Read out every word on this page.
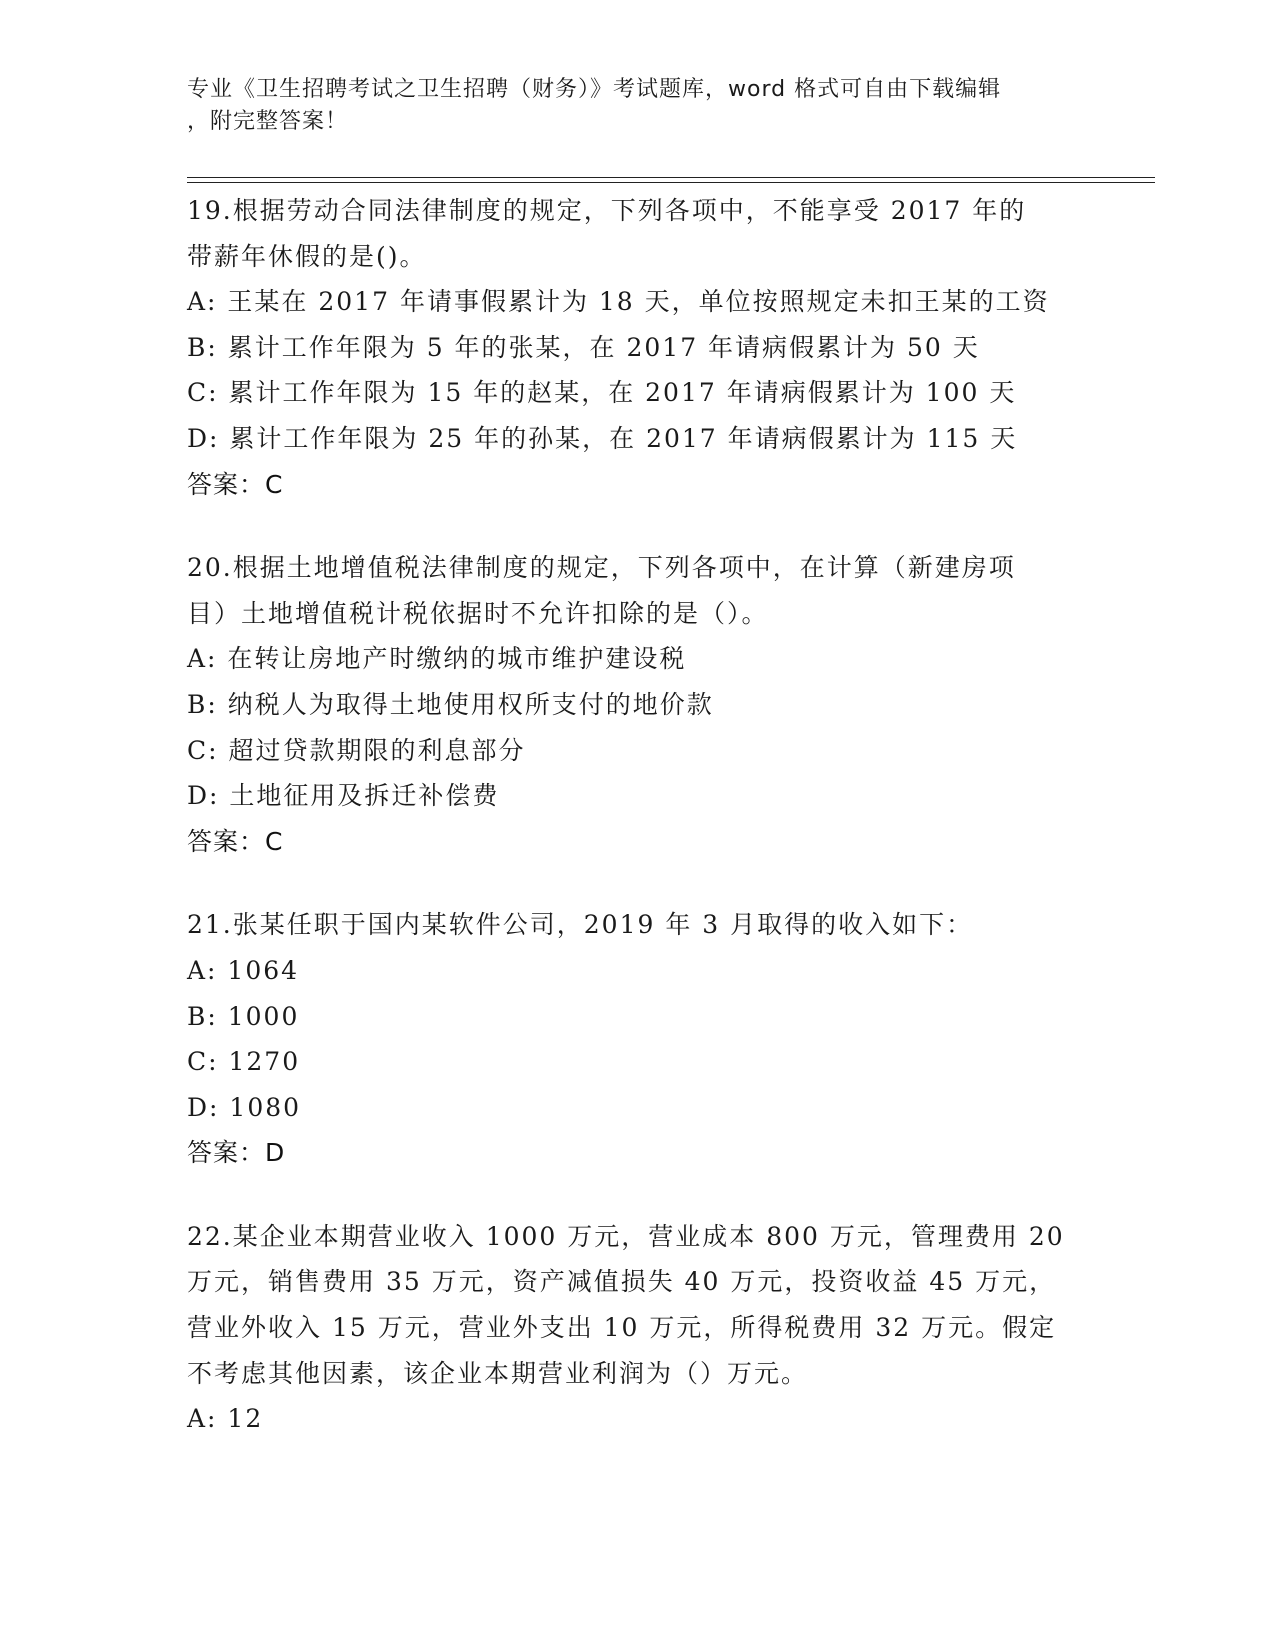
专业《卫生招聘考试之卫生招聘（财务）》考试题库，word 格式可自由下载编辑
，附完整答案！
19.根据劳动合同法律制度的规定，下列各项中，不能享受 2017 年的
带薪年休假的是()。
A: 王某在 2017 年请事假累计为 18 天，单位按照规定未扣王某的工资
B: 累计工作年限为 5 年的张某，在 2017 年请病假累计为 50 天
C: 累计工作年限为 15 年的赵某，在 2017 年请病假累计为 100 天
D: 累计工作年限为 25 年的孙某，在 2017 年请病假累计为 115 天
答案：C
20.根据土地增值税法律制度的规定，下列各项中，在计算（新建房项
目）土地增值税计税依据时不允许扣除的是（）。
A: 在转让房地产时缴纳的城市维护建设税
B: 纳税人为取得土地使用权所支付的地价款
C: 超过贷款期限的利息部分
D: 土地征用及拆迁补偿费
答案：C
21.张某任职于国内某软件公司，2019 年 3 月取得的收入如下：
A: 1064
B: 1000
C: 1270
D: 1080
答案：D
22.某企业本期营业收入 1000 万元，营业成本 800 万元，管理费用 20
万元，销售费用 35 万元，资产减值损失 40 万元，投资收益 45 万元，
营业外收入 15 万元，营业外支出 10 万元，所得税费用 32 万元。假定
不考虑其他因素，该企业本期营业利润为（）万元。
A: 12
